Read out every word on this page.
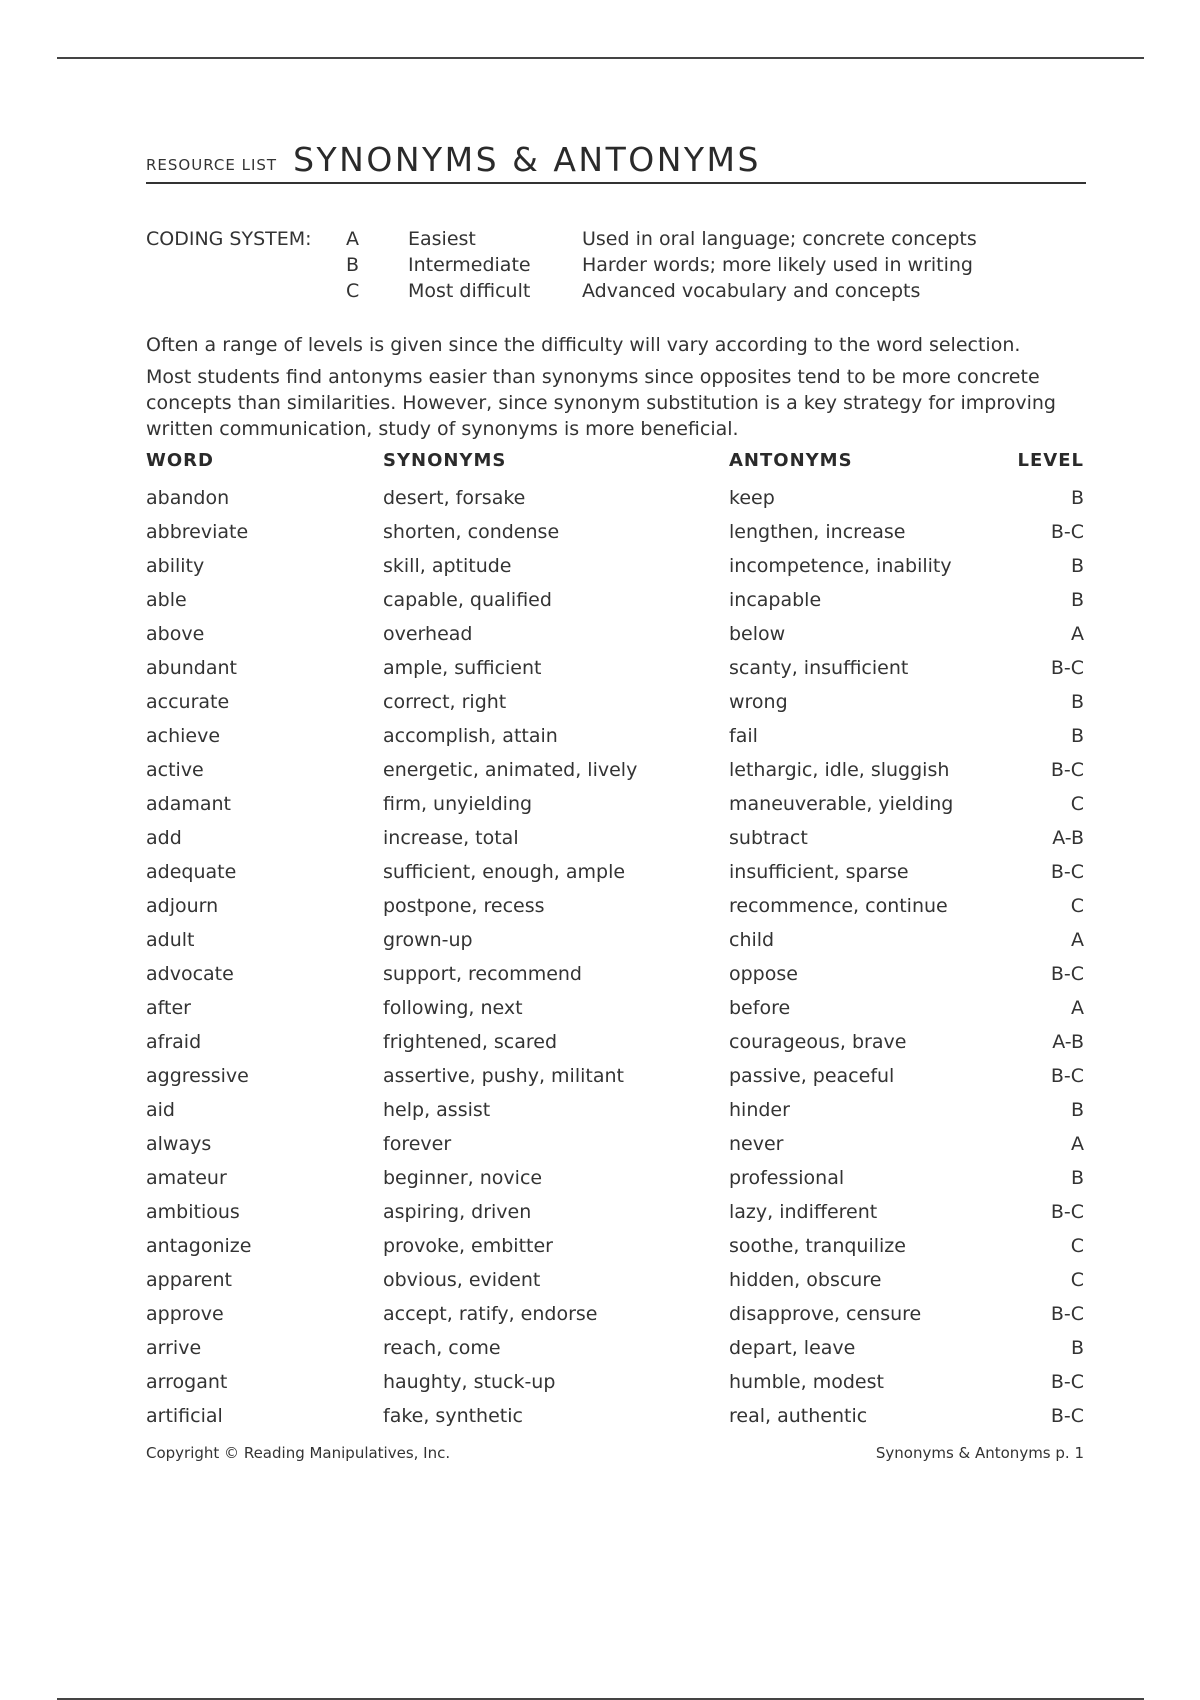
RESOURCE LIST SYNONYMS & ANTONYMS
CODING SYSTEM: A	Easiest	Used in oral language; concrete concepts
B	Intermediate	Harder words; more likely used in writing
C	Most difficult	Advanced vocabulary and concepts

Often a range of levels is given since the difficulty will vary according to the word selection.

Most students find antonyms easier than synonyms since opposites tend to be more concrete concepts than similarities. However, since synonym substitution is a key strategy for improving written communication, study of synonyms is more beneficial.

WORD	SYNONYMS	ANTONYMS	LEVEL
abandon	desert, forsake	keep	B
abbreviate	shorten, condense	lengthen, increase	B-C
ability	skill, aptitude	incompetence, inability	B
able	capable, qualified	incapable	B
above	overhead	below	A
abundant	ample, sufficient	scanty, insufficient	B-C
accurate	correct, right	wrong	B
achieve	accomplish, attain	fail	B
active	energetic, animated, lively	lethargic, idle, sluggish	B-C
adamant	firm, unyielding	maneuverable, yielding	C
add	increase, total	subtract	A-B
adequate	sufficient, enough, ample	insufficient, sparse	B-C
adjourn	postpone, recess	recommence, continue	C
adult	grown-up	child	A
advocate	support, recommend	oppose	B-C
after	following, next	before	A
afraid	frightened, scared	courageous, brave	A-B
aggressive	assertive, pushy, militant	passive, peaceful	B-C
aid	help, assist	hinder	B
always	forever	never	A
amateur	beginner, novice	professional	B
ambitious	aspiring, driven	lazy, indifferent	B-C
antagonize	provoke, embitter	soothe, tranquilize	C
apparent	obvious, evident	hidden, obscure	C
approve	accept, ratify, endorse	disapprove, censure	B-C
arrive	reach, come	depart, leave	B
arrogant	haughty, stuck-up	humble, modest	B-C
artificial	fake, synthetic	real, authentic	B-C
Copyright © Reading Manipulatives, Inc.	Synonyms & Antonyms p. 1
